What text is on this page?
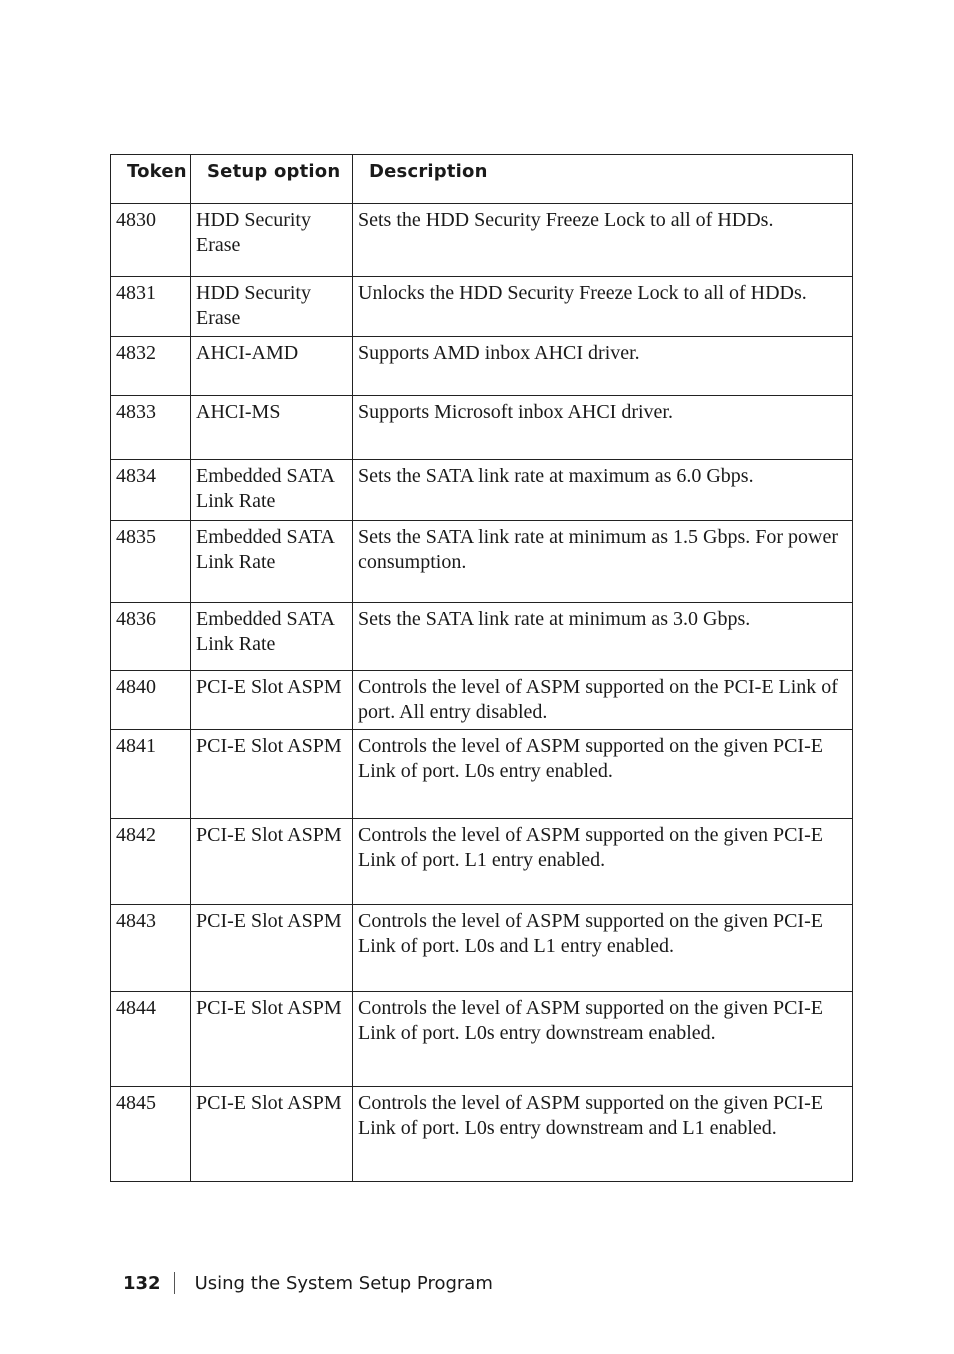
Token	Setup option	Description
4830	HDD Security Erase	Sets the HDD Security Freeze Lock to all of HDDs.
4831	HDD Security Erase	Unlocks the HDD Security Freeze Lock to all of HDDs.
4832	AHCI-AMD	Supports AMD inbox AHCI driver.
4833	AHCI-MS	Supports Microsoft inbox AHCI driver.
4834	Embedded SATA Link Rate	Sets the SATA link rate at maximum as 6.0 Gbps.
4835	Embedded SATA Link Rate	Sets the SATA link rate at minimum as 1.5 Gbps. For power consumption.
4836	Embedded SATA Link Rate	Sets the SATA link rate at minimum as 3.0 Gbps.
4840	PCI-E Slot ASPM	Controls the level of ASPM supported on the PCI-E Link of port. All entry disabled.
4841	PCI-E Slot ASPM	Controls the level of ASPM supported on the given PCI-E Link of port. L0s entry enabled.
4842	PCI-E Slot ASPM	Controls the level of ASPM supported on the given PCI-E Link of port. L1 entry enabled.
4843	PCI-E Slot ASPM	Controls the level of ASPM supported on the given PCI-E Link of port. L0s and L1 entry enabled.
4844	PCI-E Slot ASPM	Controls the level of ASPM supported on the given PCI-E Link of port. L0s entry downstream enabled.
4845	PCI-E Slot ASPM	Controls the level of ASPM supported on the given PCI-E Link of port. L0s entry downstream and L1 enabled.
132 Using the System Setup Program
